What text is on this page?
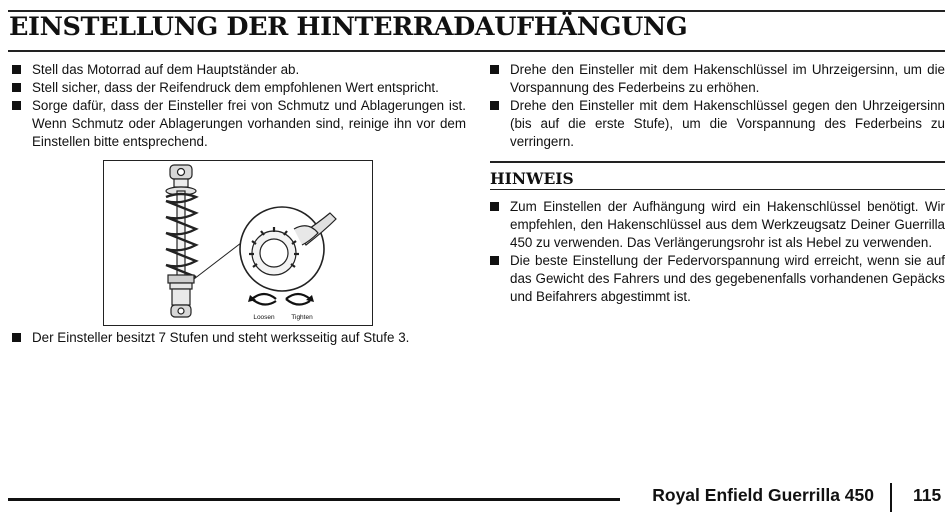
EINSTELLUNG DER HINTERRADAUFHÄNGUNG
Stell das Motorrad auf dem Hauptständer ab.
Stell sicher, dass der Reifendruck dem empfohlenen Wert entspricht.
Sorge dafür, dass der Einsteller frei von Schmutz und Ablagerungen ist. Wenn Schmutz oder Ablagerungen vorhanden sind, reinige ihn vor dem Einstellen bitte entsprechend.
Loosen	Tighten
Der Einsteller besitzt 7 Stufen und steht werksseitig auf Stufe 3.
Drehe den Einsteller mit dem Hakenschlüssel im Uhrzeigersinn, um die Vorspannung des Federbeins zu erhöhen.
Drehe den Einsteller mit dem Hakenschlüssel gegen den Uhrzeigersinn (bis auf die erste Stufe), um die Vorspannung des Federbeins zu verringern.
HINWEIS
Zum Einstellen der Aufhängung wird ein Hakenschlüssel benötigt. Wir empfehlen, den Hakenschlüssel aus dem Werkzeugsatz Deiner Guerrilla 450 zu verwenden. Das Verlängerungsrohr ist als Hebel zu verwenden.
Die beste Einstellung der Federvorspannung wird erreicht, wenn sie auf das Gewicht des Fahrers und des gegebenenfalls vorhandenen Gepäcks und Beifahrers abgestimmt ist.
Royal Enfield Guerrilla 450 115
